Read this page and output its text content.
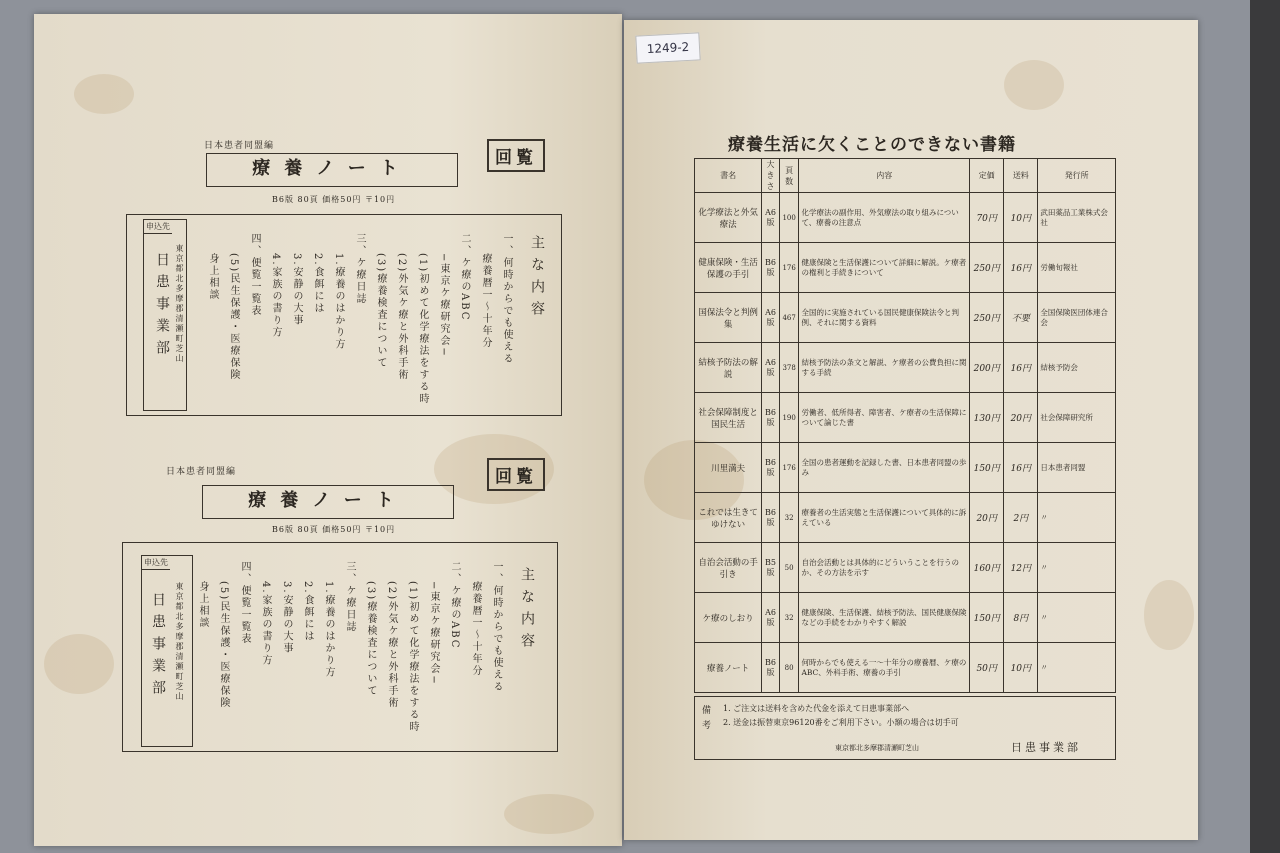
日本患者同盟編
回覧
療養ノート
B6版 80頁 価格50円 〒10円
申込先
日患事業部 東京都北多摩郡清瀬町芝山	主な内容
一、何時からでも使える
　療養暦一〜十年分
二、ケ療のABC
　−東京ケ療研究会−
　(1)初めて化学療法をする時
　(2)外気ケ療と外科手術
　(3)療養検査について
三、ケ療日誌
　1.療養のはかり方
　2.食餌には
　3.安静の大事
　4.家族の書り方
四、便覧一覧表
　(5)民生保護・医療保険
　身上相談
日本患者同盟編	回覧
療養ノート
B6版 80頁 価格50円 〒10円
申込先
日患事業部 東京都北多摩郡清瀬町芝山	主な内容
一、何時からでも使える
　療養暦一〜十年分
二、ケ療のABC
　−東京ケ療研究会−
　(1)初めて化学療法をする時
　(2)外気ケ療と外科手術
　(3)療養検査について
三、ケ療日誌
　1.療養のはかり方
　2.食餌には
　3.安静の大事
　4.家族の書り方
四、便覧一覧表
　(5)民生保護・医療保険
　身上相談
1249-2
療養生活に欠くことのできない書籍
書名	大きさ	頁数	内容	定価	送料	発行所
化学療法と外気療法	A6版	100	化学療法の副作用、外気療法の取り組みについて、療養の注意点	70円	10円	武田薬品工業株式会社
健康保険・生活保護の手引	B6版	176	健康保険と生活保護について詳細に解説。ケ療者の権利と手続きについて	250円	16円	労働旬報社
国保法令と判例集	A6版	467	全国的に実施されている国民健康保険法令と判例、それに関する資料	250円	不要	全国保険医団体連合会
結核予防法の解説	A6版	378	結核予防法の条文と解説、ケ療者の公費負担に関する手続	200円	16円	結核予防会
社会保障制度と国民生活	B6版	190	労働者、低所得者、障害者、ケ療者の生活保障について論じた書	130円	20円	社会保障研究所
川里満夫	B6版	176	全国の患者運動を記録した書、日本患者同盟の歩み	150円	16円	日本患者同盟
これでは生きてゆけない	B6版	32	療養者の生活実態と生活保護について具体的に訴えている	20円	2円	〃
自治会活動の手引き	B5版	50	自治会活動とは具体的にどういうことを行うのか、その方法を示す	160円	12円	〃
ケ療のしおり	A6版	32	健康保険、生活保護、結核予防法、国民健康保険などの手続をわかりやすく解説	150円	8円	〃
療養ノート	B6版	80	何時からでも使える一〜十年分の療養暦、ケ療のABC、外科手術、療養の手引	50円	10円	〃
備考 1. ご注文は送料を含めた代金を添えて日患事業部へ
2. 送金は振替東京96120番をご利用下さい。小額の場合は切手可
東京都北多摩郡清瀬町芝山	日患事業部
